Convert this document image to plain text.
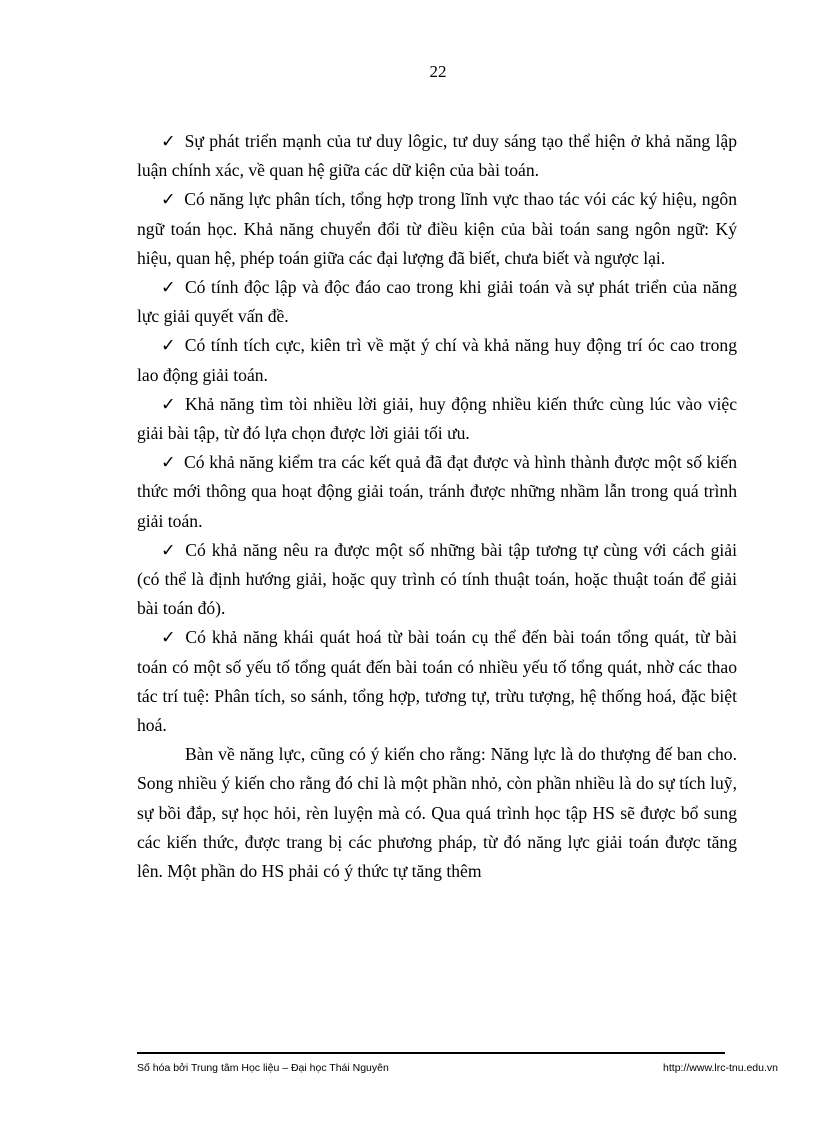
22

✓ Sự phát triển mạnh của tư duy lôgic, tư duy sáng tạo thể hiện ở khả năng lập luận chính xác, về quan hệ giữa các dữ kiện của bài toán.

✓ Có năng lực phân tích, tổng hợp trong lĩnh vực thao tác vói các ký hiệu, ngôn ngữ toán học. Khả năng chuyển đổi từ điều kiện của bài toán sang ngôn ngữ: Ký hiệu, quan hệ, phép toán giữa các đại lượng đã biết, chưa biết và ngược lại.

✓ Có tính độc lập và độc đáo cao trong khi giải toán và sự phát triển của năng lực giải quyết vấn đề.

✓ Có tính tích cực, kiên trì về mặt ý chí và khả năng huy động trí óc cao trong lao động giải toán.

✓ Khả năng tìm tòi nhiều lời giải, huy động nhiều kiến thức cùng lúc vào việc giải bài tập, từ đó lựa chọn được lời giải tối ưu.

✓ Có khả năng kiểm tra các kết quả đã đạt được và hình thành được một số kiến thức mới thông qua hoạt động giải toán, tránh được những nhầm lẫn trong quá trình giải toán.

✓ Có khả năng nêu ra được một số những bài tập tương tự cùng với cách giải (có thể là định hướng giải, hoặc quy trình có tính thuật toán, hoặc thuật toán để giải bài toán đó).

✓ Có khả năng khái quát hoá từ bài toán cụ thể đến bài toán tổng quát, từ bài toán có một số yếu tố tổng quát đến bài toán có nhiều yếu tố tổng quát, nhờ các thao tác trí tuệ: Phân tích, so sánh, tổng hợp, tương tự, trừu tượng, hệ thống hoá, đặc biệt hoá.

Bàn về năng lực, cũng có ý kiến cho rằng: Năng lực là do thượng đế ban cho. Song nhiều ý kiến cho rằng đó chỉ là một phần nhỏ, còn phần nhiều là do sự tích luỹ, sự bồi đắp, sự học hỏi, rèn luyện mà có. Qua quá trình học tập HS sẽ được bổ sung các kiến thức, được trang bị các phương pháp, từ đó năng lực giải toán được tăng lên. Một phần do HS phải có ý thức tự tăng thêm

Số hóa bởi Trung tâm Học liệu – Đại học Thái Nguyên	http://www.lrc-tnu.edu.vn
